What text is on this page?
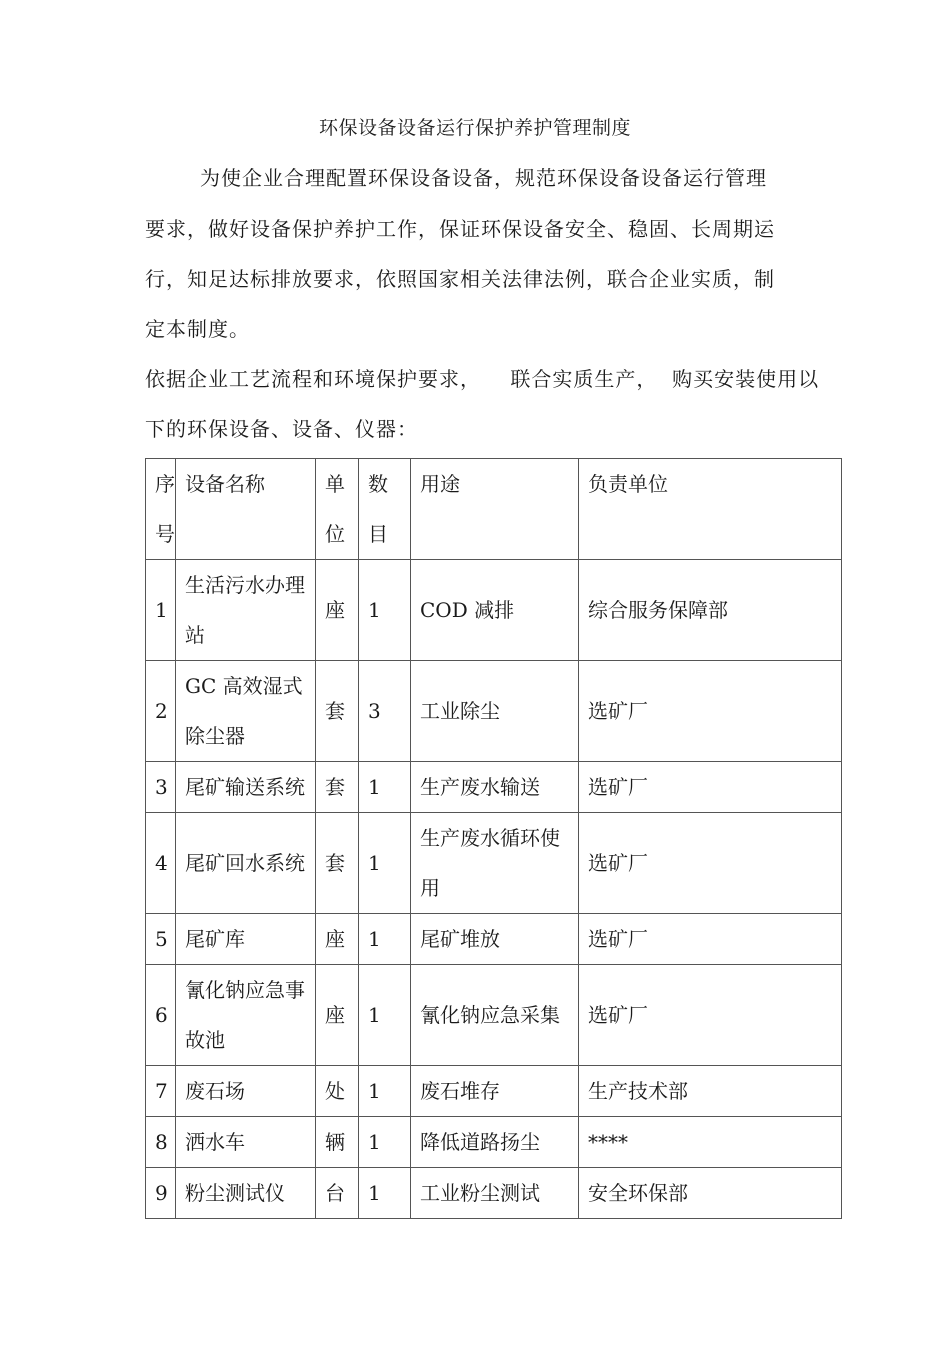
环保设备设备运行保护养护管理制度
为使企业合理配置环保设备设备，规范环保设备设备运行管理
要求，做好设备保护养护工作，保证环保设备安全、稳固、长周期运
行，知足达标排放要求，依照国家相关法律法例，联合企业实质，制
定本制度。
依据企业工艺流程和环境保护要求，    联合实质生产，  购买安装使用以
下的环保设备、设备、仪器：
序号	设备名称	单位	数目	用途	负责单位
1	生活污水办理站	座	1	COD 减排	综合服务保障部
2	GC 高效湿式除尘器	套	3	工业除尘	选矿厂
3	尾矿输送系统	套	1	生产废水输送	选矿厂
4	尾矿回水系统	套	1	生产废水循环使用	选矿厂
5	尾矿库	座	1	尾矿堆放	选矿厂
6	氰化钠应急事故池	座	1	氰化钠应急采集	选矿厂
7	废石场	处	1	废石堆存	生产技术部
8	洒水车	辆	1	降低道路扬尘	****
9	粉尘测试仪	台	1	工业粉尘测试	安全环保部
